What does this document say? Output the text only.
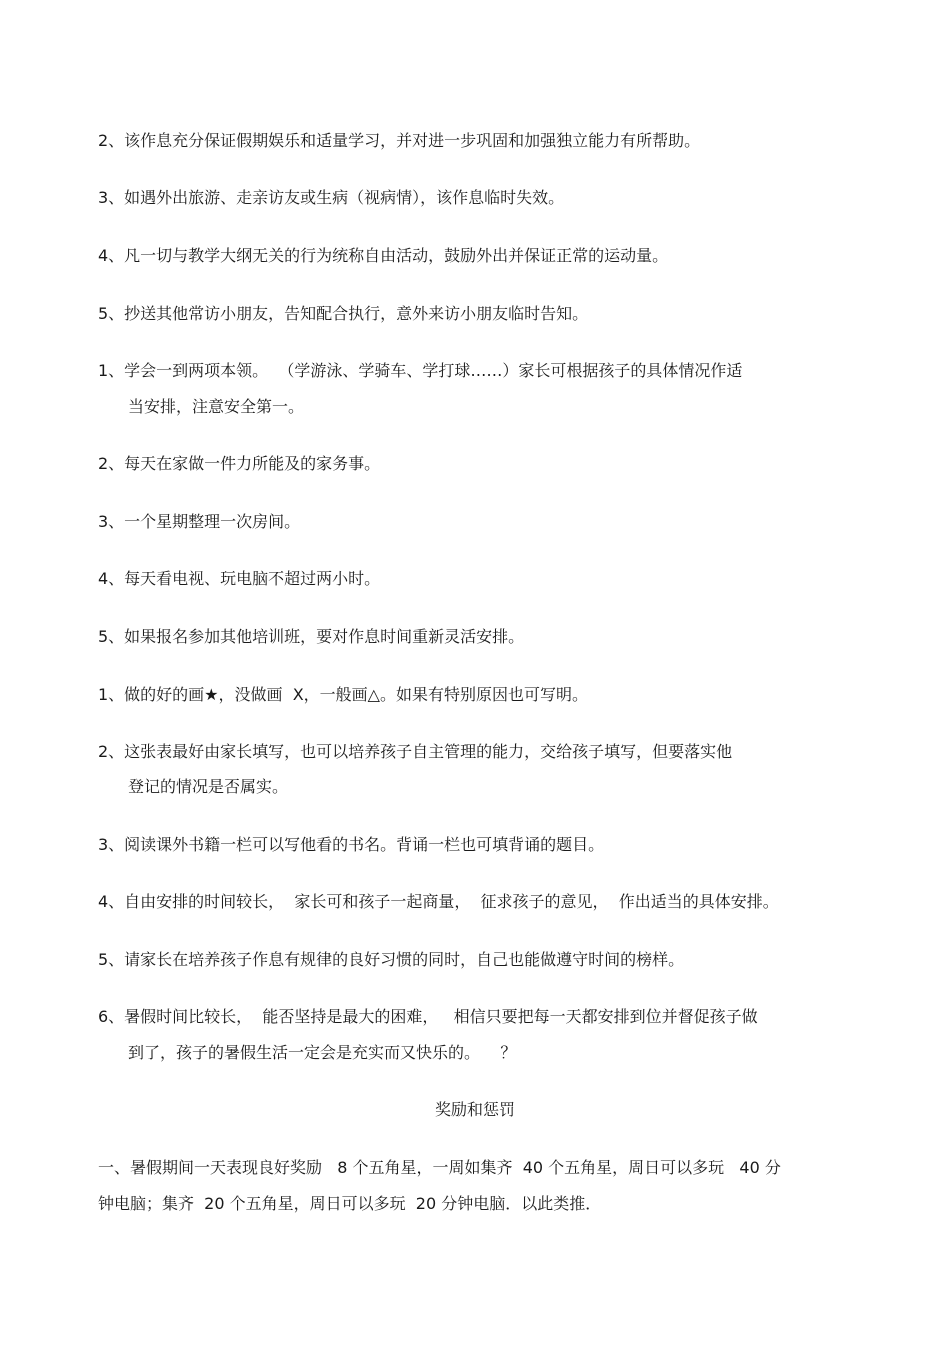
2、该作息充分保证假期娱乐和适量学习，并对进一步巩固和加强独立能力有所帮助。
3、如遇外出旅游、走亲访友或生病（视病情），该作息临时失效。
4、凡一切与教学大纲无关的行为统称自由活动，鼓励外出并保证正常的运动量。
5、抄送其他常访小朋友，告知配合执行，意外来访小朋友临时告知。
1、学会一到两项本领。  （学游泳、学骑车、学打球……）家长可根据孩子的具体情况作适
当安排，注意安全第一。
2、每天在家做一件力所能及的家务事。
3、一个星期整理一次房间。
4、每天看电视、玩电脑不超过两小时。
5、如果报名参加其他培训班，要对作息时间重新灵活安排。
1、做的好的画★，没做画  X，一般画△。如果有特别原因也可写明。
2、这张表最好由家长填写，也可以培养孩子自主管理的能力，交给孩子填写，但要落实他
登记的情况是否属实。
3、阅读课外书籍一栏可以写他看的书名。背诵一栏也可填背诵的题目。
4、自由安排的时间较长，  家长可和孩子一起商量，  征求孩子的意见，  作出适当的具体安排。
5、请家长在培养孩子作息有规律的良好习惯的同时，自己也能做遵守时间的榜样。
6、暑假时间比较长，  能否坚持是最大的困难，   相信只要把每一天都安排到位并督促孩子做
到了，孩子的暑假生活一定会是充实而又快乐的。    ？
奖励和惩罚
一、暑假期间一天表现良好奖励   8 个五角星，一周如集齐  40 个五角星，周日可以多玩   40 分
钟电脑；集齐  20 个五角星，周日可以多玩  20 分钟电脑．以此类推．
